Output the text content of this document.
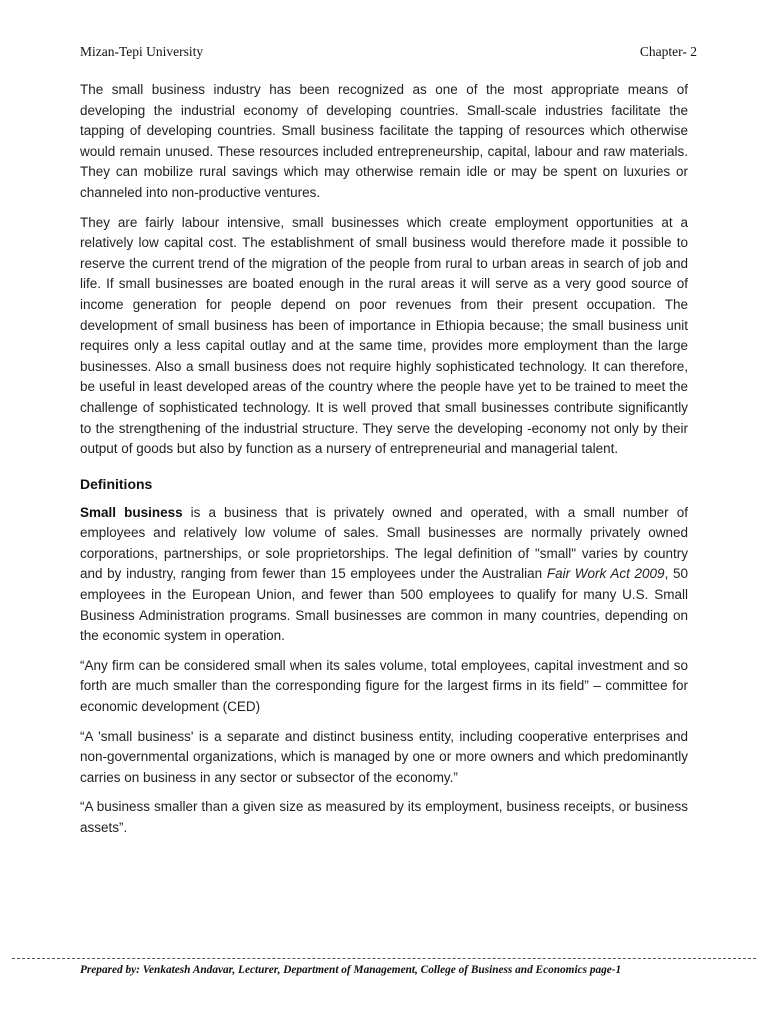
Mizan-Tepi University	Chapter- 2

The small business industry has been recognized as one of the most appropriate means of developing the industrial economy of developing countries. Small-scale industries facilitate the tapping of developing countries. Small business facilitate the tapping of resources which otherwise would remain unused. These resources included entrepreneurship, capital, labour and raw materials. They can mobilize rural savings which may otherwise remain idle or may be spent on luxuries or channeled into non-productive ventures.

They are fairly labour intensive, small businesses which create employment opportunities at a relatively low capital cost. The establishment of small business would therefore made it possible to reserve the current trend of the migration of the people from rural to urban areas in search of job and life. If small businesses are boated enough in the rural areas it will serve as a very good source of income generation for people depend on poor revenues from their present occupation. The development of small business has been of importance in Ethiopia because; the small business unit requires only a less capital outlay and at the same time, provides more employment than the large businesses. Also a small business does not require highly sophisticated technology. It can therefore, be useful in least developed areas of the country where the people have yet to be trained to meet the challenge of sophisticated technology. It is well proved that small businesses contribute significantly to the strengthening of the industrial structure. They serve the developing -economy not only by their output of goods but also by function as a nursery of entrepreneurial and managerial talent.

Definitions

Small business is a business that is privately owned and operated, with a small number of employees and relatively low volume of sales. Small businesses are normally privately owned corporations, partnerships, or sole proprietorships. The legal definition of "small" varies by country and by industry, ranging from fewer than 15 employees under the Australian Fair Work Act 2009, 50 employees in the European Union, and fewer than 500 employees to qualify for many U.S. Small Business Administration programs. Small businesses are common in many countries, depending on the economic system in operation.

“Any firm can be considered small when its sales volume, total employees, capital investment and so forth are much smaller than the corresponding figure for the largest firms in its field” – committee for economic development (CED)

“A 'small business' is a separate and distinct business entity, including cooperative enterprises and non-governmental organizations, which is managed by one or more owners and which predominantly carries on business in any sector or subsector of the economy.”

“A business smaller than a given size as measured by its employment, business receipts, or business assets”.

Prepared by: Venkatesh Andavar, Lecturer, Department of Management, College of Business and Economics page-1
